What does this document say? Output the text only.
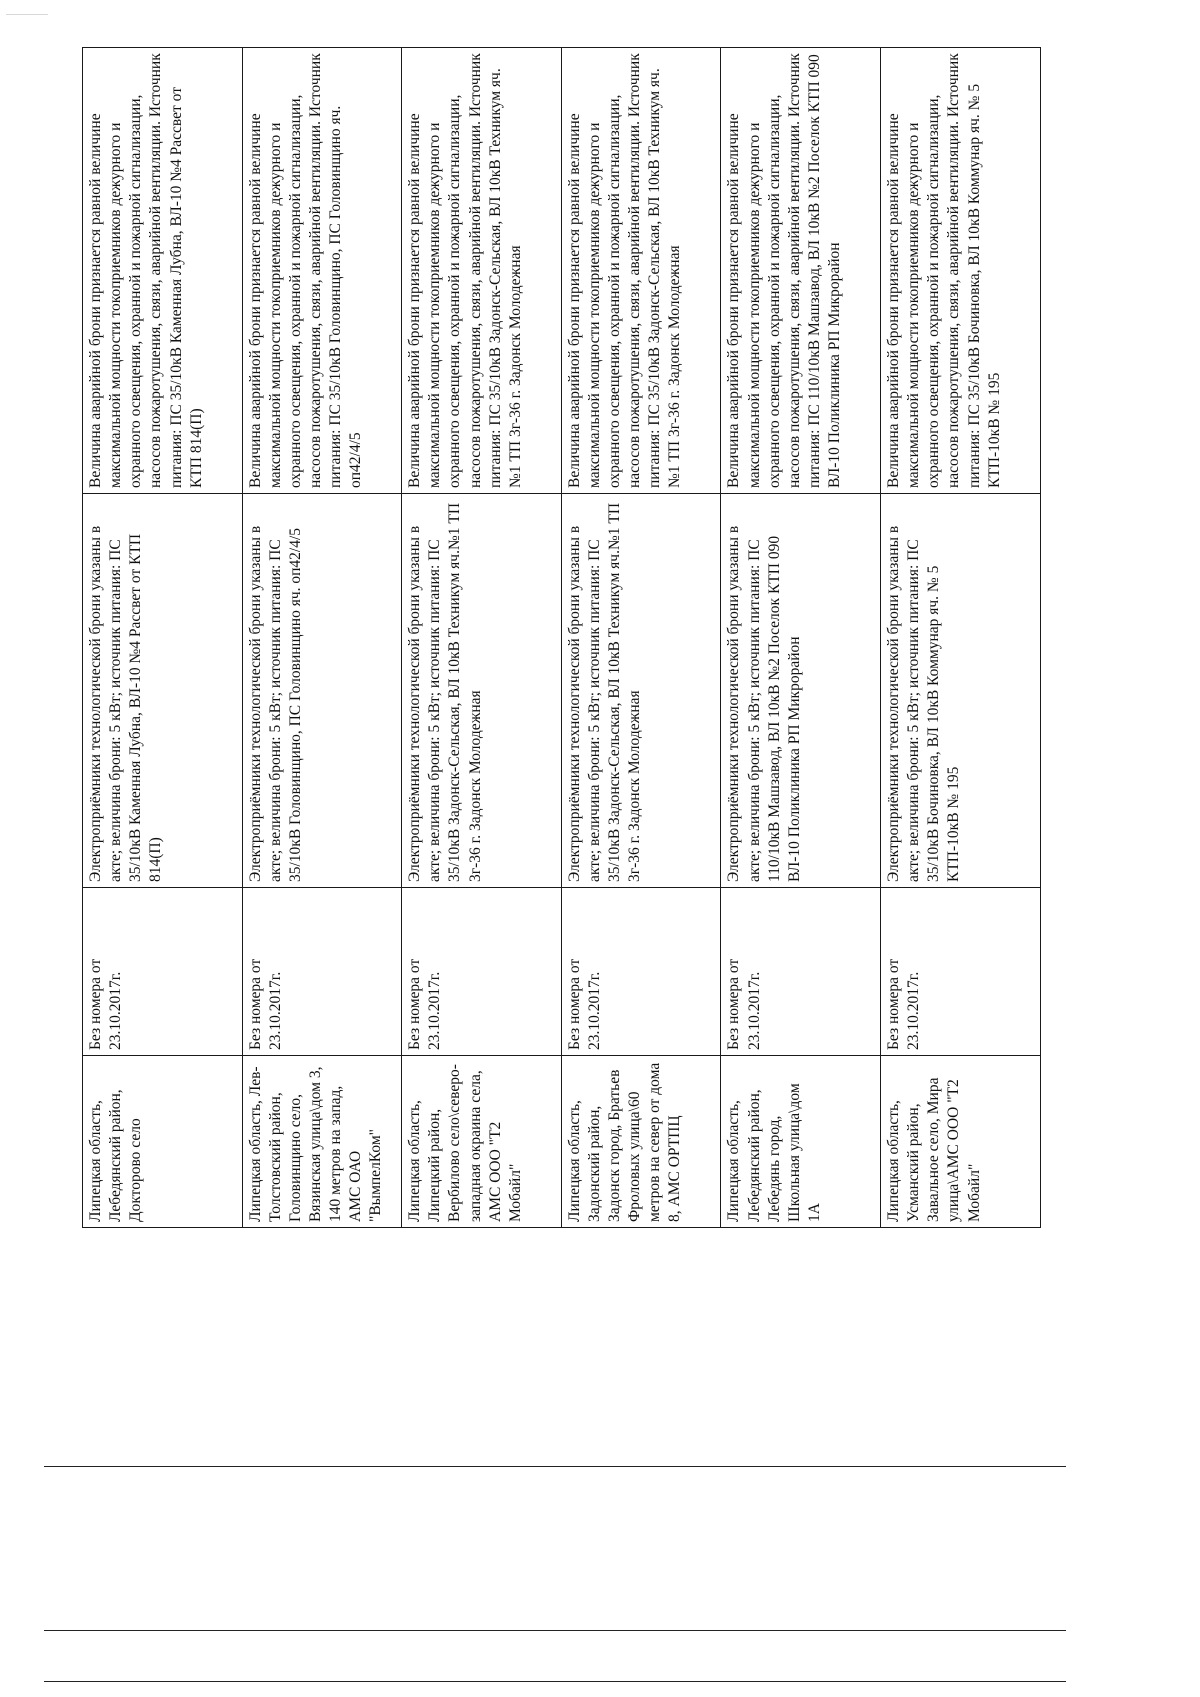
Липецкая область, Лебедянский район, Докторово село	Без номера от 23.10.2017г.	Электроприёмники технологической брони указаны в акте; величина брони: 5 кВт; источник питания: ПС 35/10кВ Каменная Лубна, ВЛ-10 №4 Рассвет от КТП 814(П)	Величина аварийной брони признается равной величине максимальной мощности токоприемников дежурного и охранного освещения, охранной и пожарной сигнализации, насосов пожаротушения, связи, аварийной вентиляции. Источник питания: ПС 35/10кВ Каменная Лубна, ВЛ-10 №4 Рассвет от КТП 814(П)
Липецкая область, Лев-Толстовский район, Головинщино село, Вязинская улица\дом 3, 140 метров на запад, АМС ОАО "ВымпелКом"	Без номера от 23.10.2017г.	Электроприёмники технологической брони указаны в акте; величина брони: 5 кВт; источник питания: ПС 35/10кВ Головинщино, ПС Головинщино яч. оп42/4/5	Величина аварийной брони признается равной величине максимальной мощности токоприемников дежурного и охранного освещения, охранной и пожарной сигнализации, насосов пожаротушения, связи, аварийной вентиляции. Источник питания: ПС 35/10кВ Головинщино, ПС Головинщино яч. оп42/4/5
Липецкая область, Липецкий район, Вербилово село\северо-западная окраина села, АМС ООО "Т2 Мобайл"	Без номера от 23.10.2017г.	Электроприёмники технологической брони указаны в акте; величина брони: 5 кВт; источник питания: ПС 35/10кВ Задонск-Сельская, ВЛ 10кВ Техникум яч.№1 ТП 3г-36 г. Задонск Молодежная	Величина аварийной брони признается равной величине максимальной мощности токоприемников дежурного и охранного освещения, охранной и пожарной сигнализации, насосов пожаротушения, связи, аварийной вентиляции. Источник питания: ПС 35/10кВ Задонск-Сельская, ВЛ 10кВ Техникум яч.№1 ТП 3г-36 г. Задонск Молодежная
Липецкая область, Задонский район, Задонск город, Братьев Фроловых улица\60 метров на север от дома 8, АМС ОРТПЦ	Без номера от 23.10.2017г.	Электроприёмники технологической брони указаны в акте; величина брони: 5 кВт; источник питания: ПС 35/10кВ Задонск-Сельская, ВЛ 10кВ Техникум яч.№1 ТП 3г-36 г. Задонск Молодежная	Величина аварийной брони признается равной величине максимальной мощности токоприемников дежурного и охранного освещения, охранной и пожарной сигнализации, насосов пожаротушения, связи, аварийной вентиляции. Источник питания: ПС 35/10кВ Задонск-Сельская, ВЛ 10кВ Техникум яч.№1 ТП 3г-36 г. Задонск Молодежная
Липецкая область, Лебедянский район, Лебедянь город, Школьная улица\дом 1А	Без номера от 23.10.2017г.	Электроприёмники технологической брони указаны в акте; величина брони: 5 кВт; источник питания: ПС 110/10кВ Машзавод, ВЛ 10кВ №2 Поселок КТП 090 ВЛ-10 Поликлиника РП Микрорайон	Величина аварийной брони признается равной величине максимальной мощности токоприемников дежурного и охранного освещения, охранной и пожарной сигнализации, насосов пожаротушения, связи, аварийной вентиляции. Источник питания: ПС 110/10кВ Машзавод, ВЛ 10кВ №2 Поселок КТП 090 ВЛ-10 Поликлиника РП Микрорайон
Липецкая область, Усманский район, Завальное село, Мира улица\АМС ООО "Т2 Мобайл"	Без номера от 23.10.2017г.	Электроприёмники технологической брони указаны в акте; величина брони: 5 кВт; источник питания: ПС 35/10кВ Бочиновка, ВЛ 10кВ Коммунар яч. № 5 КТП-10кВ № 195	Величина аварийной брони признается равной величине максимальной мощности токоприемников дежурного и охранного освещения, охранной и пожарной сигнализации, насосов пожаротушения, связи, аварийной вентиляции. Источник питания: ПС 35/10кВ Бочиновка, ВЛ 10кВ Коммунар яч. № 5 КТП-10кВ № 195
